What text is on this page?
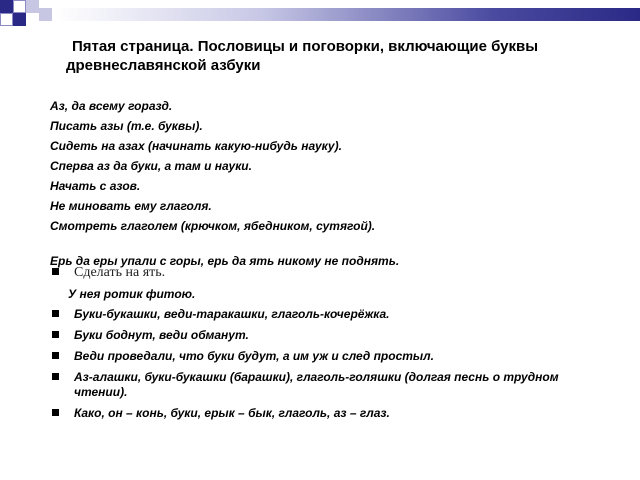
Пятая страница. Пословицы и поговорки, включающие буквы древнеславянской азбуки
Аз, да всему горазд.
Писать азы (т.е. буквы).
Сидеть на азах (начинать какую-нибудь науку).
Сперва аз да буки, а там и науки.
Начать с азов.
Не миновать ему глаголя.
Смотреть глаголем (крючком, ябедником, сутягой).
Ерь да еры упали с горы, ерь да ять никому не поднять.
Сделать на ять.
У нея ротик фитою.
Буки-букашки, веди-таракашки, глаголь-кочерёжка.
Буки боднут, веди обманут.
Веди проведали, что буки будут, а им уж и след простыл.
Аз-алашки, буки-букашки (барашки), глаголь-голяшки (долгая песнь о трудном чтении).
Како, он – конь, буки, ерык – бык, глаголь, аз – глаз.
